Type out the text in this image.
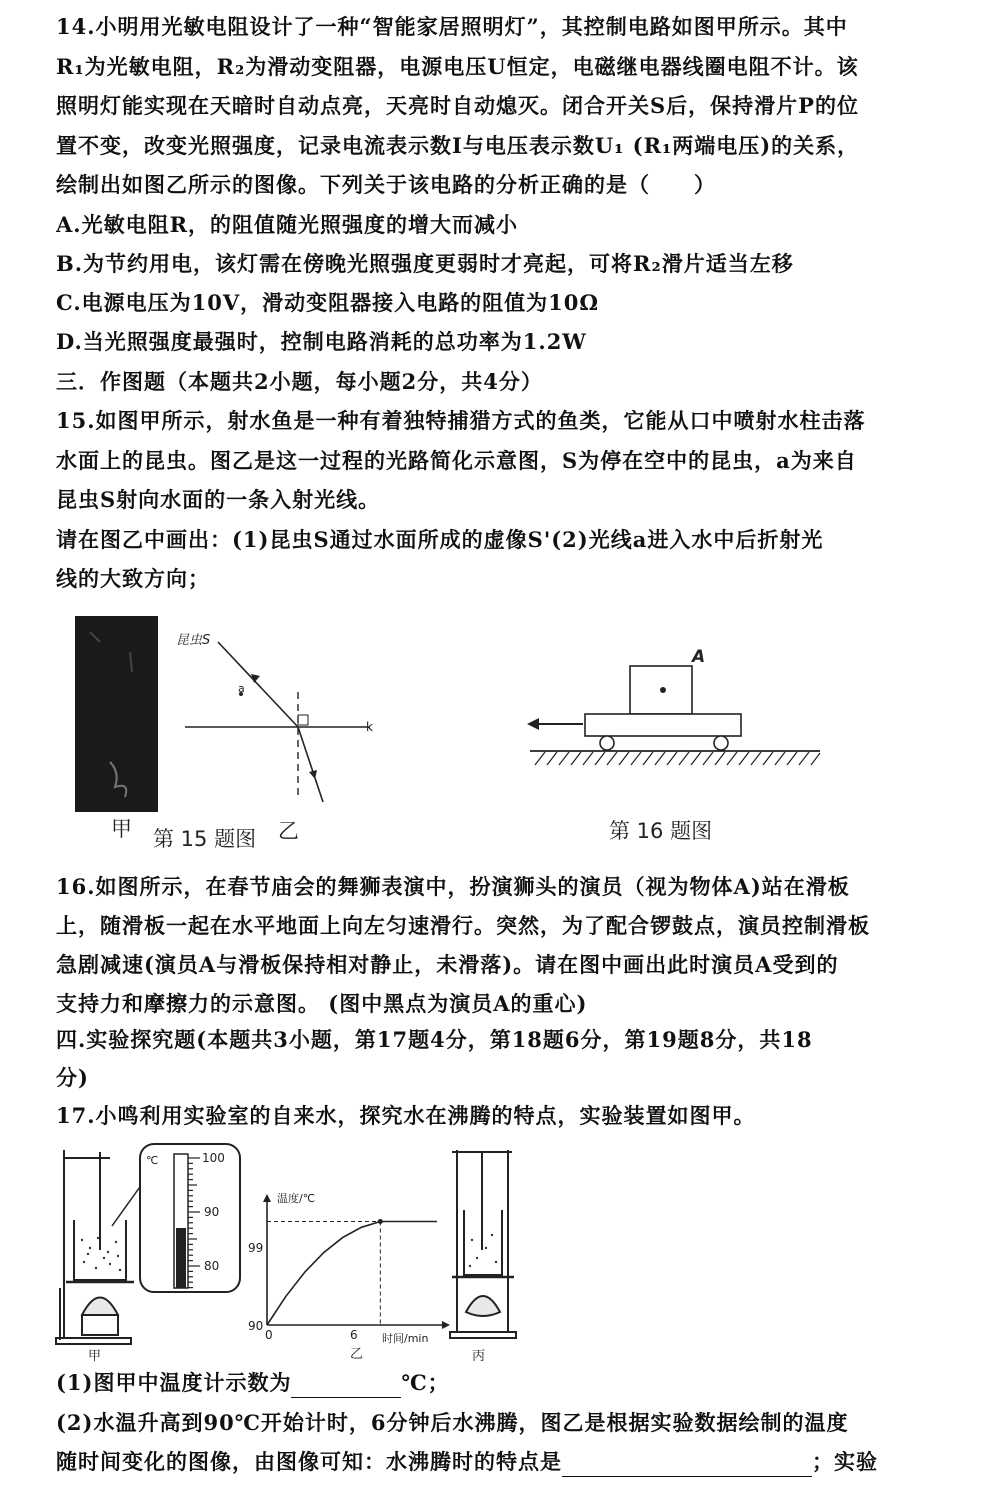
14.小明用光敏电阻设计了一种“智能家居照明灯”，其控制电路如图甲所示。其中
R₁为光敏电阻，R₂为滑动变阻器，电源电压U恒定，电磁继电器线圈电阻不计。该
照明灯能实现在天暗时自动点亮，天亮时自动熄灭。闭合开关S后，保持滑片P的位
置不变，改变光照强度，记录电流表示数I与电压表示数U₁ (R₁两端电压)的关系，
绘制出如图乙所示的图像。下列关于该电路的分析正确的是（　　）
A.光敏电阻R，的阻值随光照强度的增大而减小
B.为节约用电，该灯需在傍晚光照强度更弱时才亮起，可将R₂滑片适当左移
C.电源电压为10V，滑动变阻器接入电路的阻值为10Ω
D.当光照强度最强时，控制电路消耗的总功率为1.2W
三．作图题（本题共2小题，每小题2分，共4分）
15.如图甲所示，射水鱼是一种有着独特捕猎方式的鱼类，它能从口中喷射水柱击落
水面上的昆虫。图乙是这一过程的光路简化示意图，S为停在空中的昆虫，a为来自
昆虫S射向水面的一条入射光线。
请在图乙中画出：(1)昆虫S通过水面所成的虚像S'(2)光线a进入水中后折射光
线的大致方向；
k
昆虫S
a
甲 第 15 题图 乙
A
第 16 题图
16.如图所示，在春节庙会的舞狮表演中，扮演狮头的演员（视为物体A)站在滑板
上，随滑板一起在水平地面上向左匀速滑行。突然，为了配合锣鼓点，演员控制滑板
急剧减速(演员A与滑板保持相对静止，未滑落)。请在图中画出此时演员A受到的
支持力和摩擦力的示意图。 (图中黑点为演员A的重心)
四.实验探究题(本题共3小题，第17题4分，第18题6分，第19题8分，共18
分)
17.小鸣利用实验室的自来水，探究水在沸腾的特点，实验装置如图甲。
℃	100
90
80
温度/℃
时间/min
99
90
0	6
乙
甲	丙
(1)图甲中温度计示数为	℃；
(2)水温升高到90℃开始计时，6分钟后水沸腾，图乙是根据实验数据绘制的温度
随时间变化的图像，由图像可知：水沸腾时的特点是	；实验
